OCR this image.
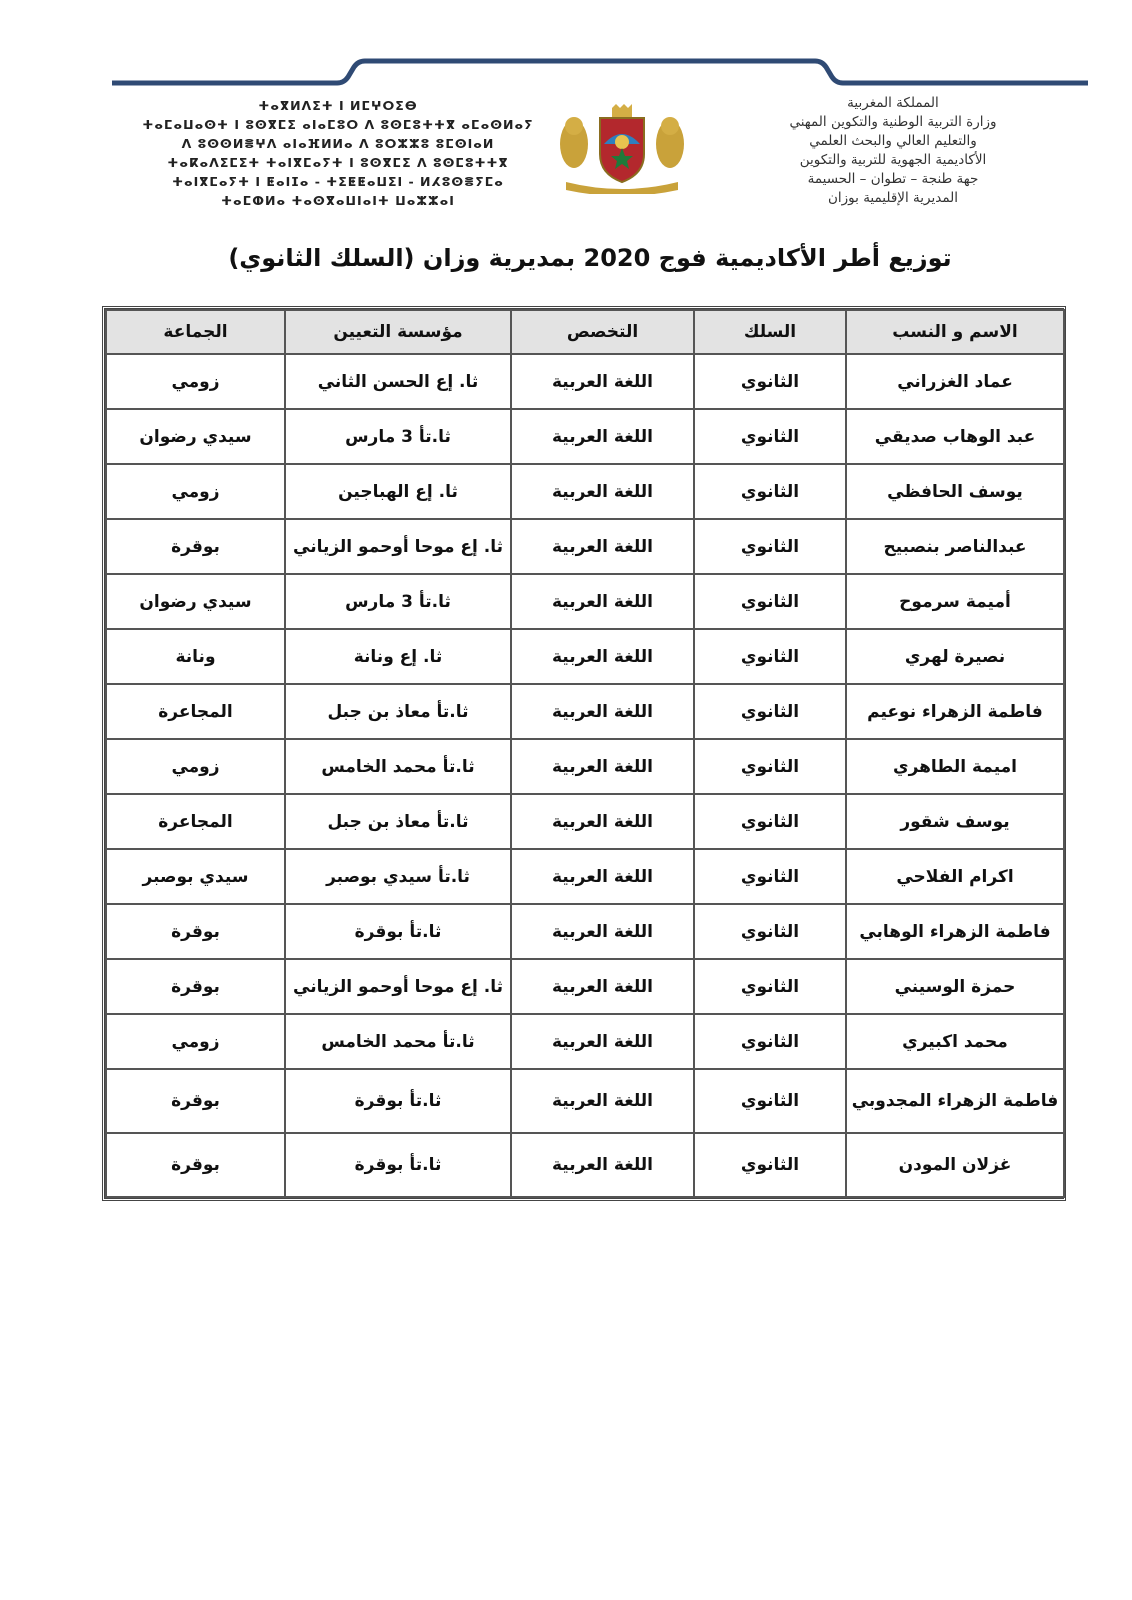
ⵜⴰⴳⵍⴷⵉⵜ ⵏ ⵍⵎⵖⵔⵉⴱ
ⵜⴰⵎⴰⵡⴰⵙⵜ ⵏ ⵓⵙⴳⵎⵉ ⴰⵏⴰⵎⵓⵔ ⴷ ⵓⵙⵎⵓⵜⵜⴳ ⴰⵎⴰⵙⵍⴰⵢ
ⴷ ⵓⵙⵙⵍⴻⵖⴷ ⴰⵏⴰⴼⵍⵍⴰ ⴷ ⵓⵔⵣⵣⵓ ⵓⵎⵙⵏⴰⵍ
ⵜⴰⴽⴰⴷⵉⵎⵉⵜ ⵜⴰⵏⴳⵎⴰⵢⵜ ⵏ ⵓⵙⴳⵎⵉ ⴷ ⵓⵙⵎⵓⵜⵜⴳ
ⵜⴰⵏⴳⵎⴰⵢⵜ ⵏ ⵟⴰⵏⵊⴰ - ⵜⵉⵟⵟⴰⵡⵉⵏ - ⵍⵃⵓⵙⴻⵢⵎⴰ
ⵜⴰⵎⵀⵍⴰ ⵜⴰⵙⴳⴰⵡⵏⴰⵏⵜ ⵡⴰⵣⵣⴰⵏ
المملكة المغربية
وزارة التربية الوطنية والتكوين المهني
والتعليم العالي والبحث العلمي
الأكاديمية الجهوية للتربية والتكوين
جهة طنجة – تطوان – الحسيمة
المديرية الإقليمية بوزان
توزيع أطر الأكاديمية فوج 2020 بمديرية وزان (السلك الثانوي)
الاسم و النسب	السلك	التخصص	مؤسسة التعيين	الجماعة
عماد الغزراني	الثانوي	اللغة العربية	ثا. إع الحسن الثاني	زومي
عبد الوهاب صديقي	الثانوي	اللغة العربية	ثا.تأ 3 مارس	سيدي رضوان
يوسف الحافظي	الثانوي	اللغة العربية	ثا. إع الهباجين	زومي
عبدالناصر بنصبيح	الثانوي	اللغة العربية	ثا. إع موحا أوحمو الزياني	بوقرة
أميمة سرموح	الثانوي	اللغة العربية	ثا.تأ 3 مارس	سيدي رضوان
نصيرة لهري	الثانوي	اللغة العربية	ثا. إع ونانة	ونانة
فاطمة الزهراء نوعيم	الثانوي	اللغة العربية	ثا.تأ معاذ بن جبل	المجاعرة
اميمة الطاهري	الثانوي	اللغة العربية	ثا.تأ محمد الخامس	زومي
يوسف شقور	الثانوي	اللغة العربية	ثا.تأ معاذ بن جبل	المجاعرة
اكرام الفلاحي	الثانوي	اللغة العربية	ثا.تأ سيدي بوصبر	سيدي بوصبر
فاطمة الزهراء الوهابي	الثانوي	اللغة العربية	ثا.تأ بوقرة	بوقرة
حمزة الوسيني	الثانوي	اللغة العربية	ثا. إع موحا أوحمو الزياني	بوقرة
محمد اكبيري	الثانوي	اللغة العربية	ثا.تأ محمد الخامس	زومي
فاطمة الزهراء المجدوبي	الثانوي	اللغة العربية	ثا.تأ بوقرة	بوقرة
غزلان المودن	الثانوي	اللغة العربية	ثا.تأ بوقرة	بوقرة
